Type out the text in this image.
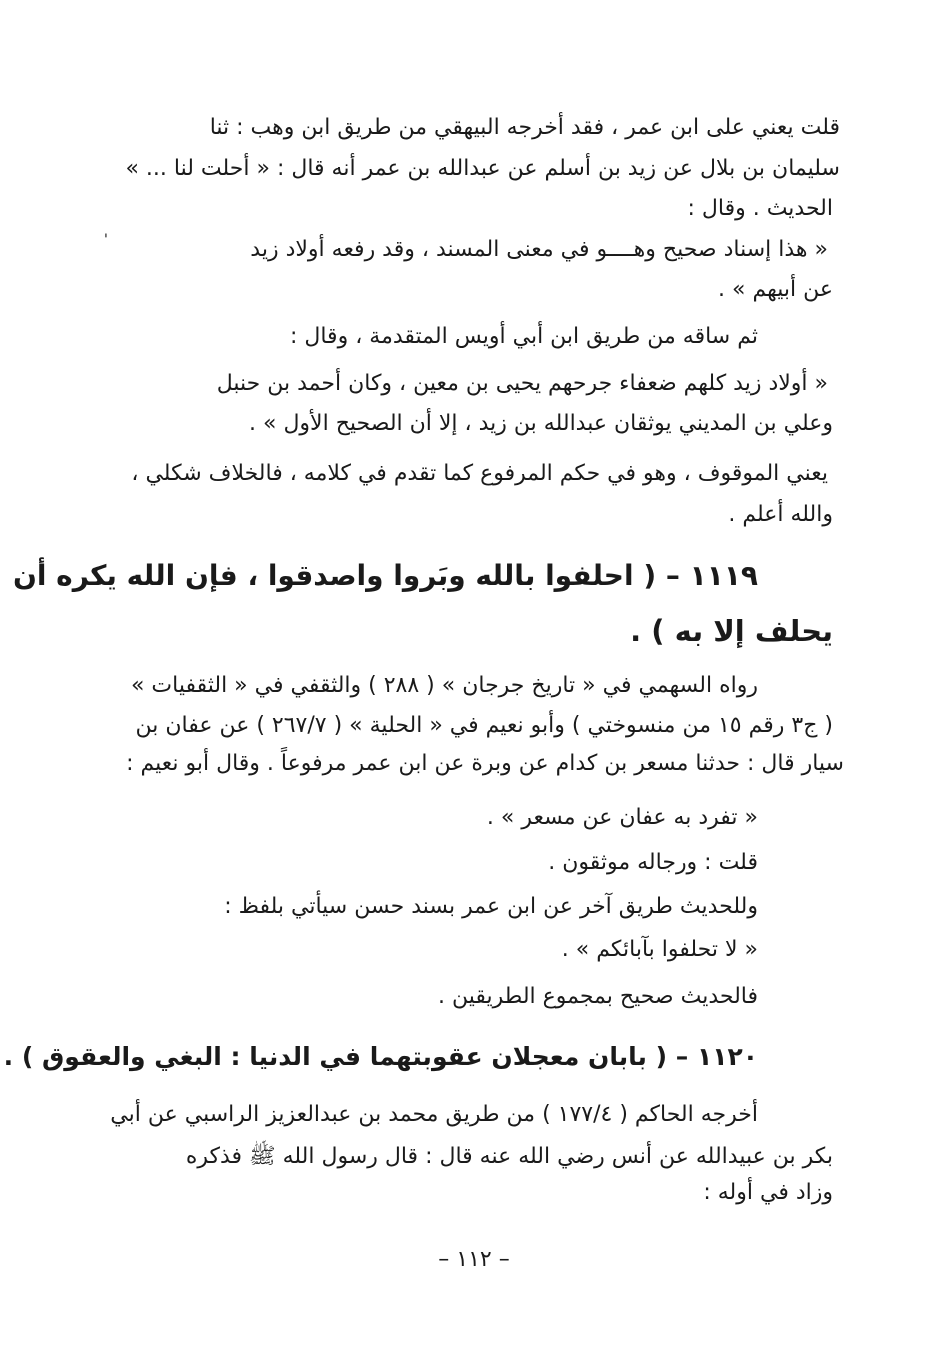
قلت يعني على ابن عمر ، فقد أخرجه البيهقي من طريق ابن وهب : ثنا
سليمان بن بلال عن زيد بن أسلم عن عبدالله بن عمر أنه قال : « أحلت لنا ... »
الحديث . وقال :
« هذا إسناد صحيح وهــــو في معنى المسند ، وقد رفعه أولاد زيد
'
عن أبيهم » .
ثم ساقه من طريق ابن أبي أويس المتقدمة ، وقال :
« أولاد زيد كلهم ضعفاء جرحهم يحيى بن معين ، وكان أحمد بن حنبل
وعلي بن المديني يوثقان عبدالله بن زيد ، إلا أن الصحيح الأول » .
يعني الموقوف ، وهو في حكم المرفوع كما تقدم في كلامه ، فالخلاف شكلي ،
والله أعلم .
١١١٩ – ( احلفوا بالله وبَروا واصدقوا ، فإن الله يكره أن
يحلف إلا به ) .
رواه السهمي في « تاريخ جرجان » ( ٢٨٨ ) والثقفي في « الثقفيات »
( ج٣ رقم ١٥ من منسوختي ) وأبو نعيم في « الحلية » ( ٢٦٧/٧ ) عن عفان بن
سيار قال : حدثنا مسعر بن كدام عن وبرة عن ابن عمر مرفوعاً . وقال أبو نعيم :
« تفرد به عفان عن مسعر » .
قلت : ورجاله موثقون .
وللحديث طريق آخر عن ابن عمر بسند حسن سيأتي بلفظ :
« لا تحلفوا بآبائكم » .
فالحديث صحيح بمجموع الطريقين .
١١٢٠ – ( بابان معجلان عقوبتهما في الدنيا : البغي والعقوق ) .
أخرجه الحاكم ( ١٧٧/٤ ) من طريق محمد بن عبدالعزيز الراسبي عن أبي
بكر بن عبيدالله عن أنس رضي الله عنه قال : قال رسول الله ﷺ فذكره
وزاد في أوله :
– ١١٢ –
